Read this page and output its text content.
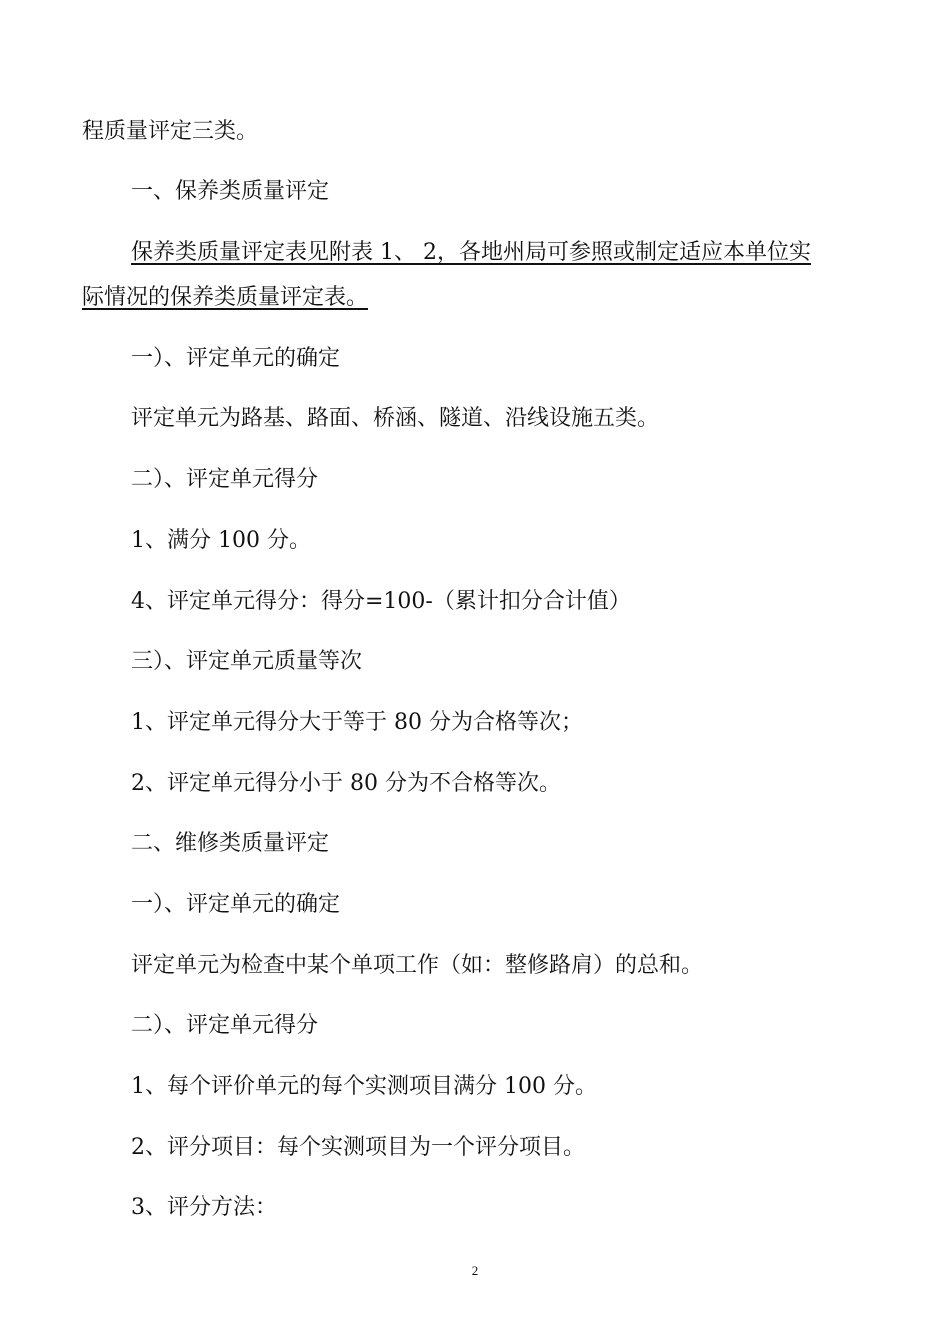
程质量评定三类。
一、保养类质量评定
保养类质量评定表见附表 1、 2，各地州局可参照或制定适应本单位实
际情况的保养类质量评定表。
一）、评定单元的确定
评定单元为路基、路面、桥涵、隧道、沿线设施五类。
二）、评定单元得分
1、满分 100 分。
4、评定单元得分：得分=100-（累计扣分合计值）
三）、评定单元质量等次
1、评定单元得分大于等于 80 分为合格等次；
2、评定单元得分小于 80 分为不合格等次。
二、维修类质量评定
一）、评定单元的确定
评定单元为检查中某个单项工作（如：整修路肩）的总和。
二）、评定单元得分
1、每个评价单元的每个实测项目满分 100 分。
2、评分项目：每个实测项目为一个评分项目。
3、评分方法：
2
